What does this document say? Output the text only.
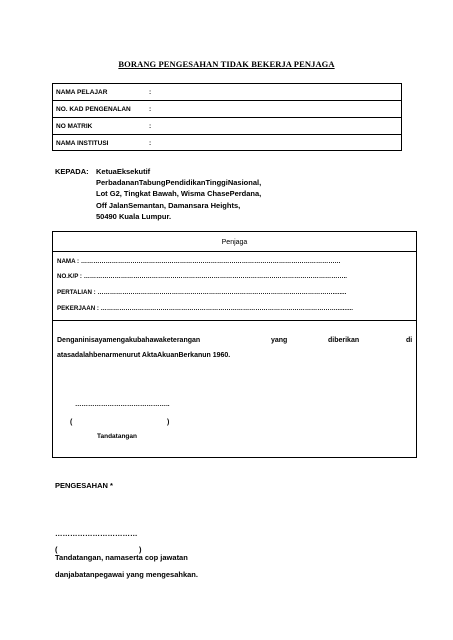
BORANG PENGESAHAN TIDAK BEKERJA PENJAGA
NAMA PELAJAR	:
NO. KAD PENGENALAN	:
NO MATRIK	:
NAMA INSTITUSI	:
KEPADA: KetuaEksekutif
PerbadananTabungPendidikanTinggiNasional,
Lot G2, Tingkat Bawah, Wisma ChasePerdana,
Off JalanSemantan, Damansara Heights,
50490 Kuala Lumpur.
Penjaga
NAMA : ………………………………………………………………………………………………………………
NO.K/P : ………………………………………………………………………………………………………………..
PERTALIAN : ……………………………………………………………………………………………………........
PEKERJAAN : ……………………………………………………………………………………………………..........
Denganinisayamengakubahawaketerangan	yang	diberikan	di
atasadalahbenarmenurut AktaAkuanBerkanun 1960.
……………………………………..
(	)
Tandatangan
PENGESAHAN *
……………………………
(	)
Tandatangan, namaserta cop jawatan
danjabatanpegawai yang mengesahkan.
